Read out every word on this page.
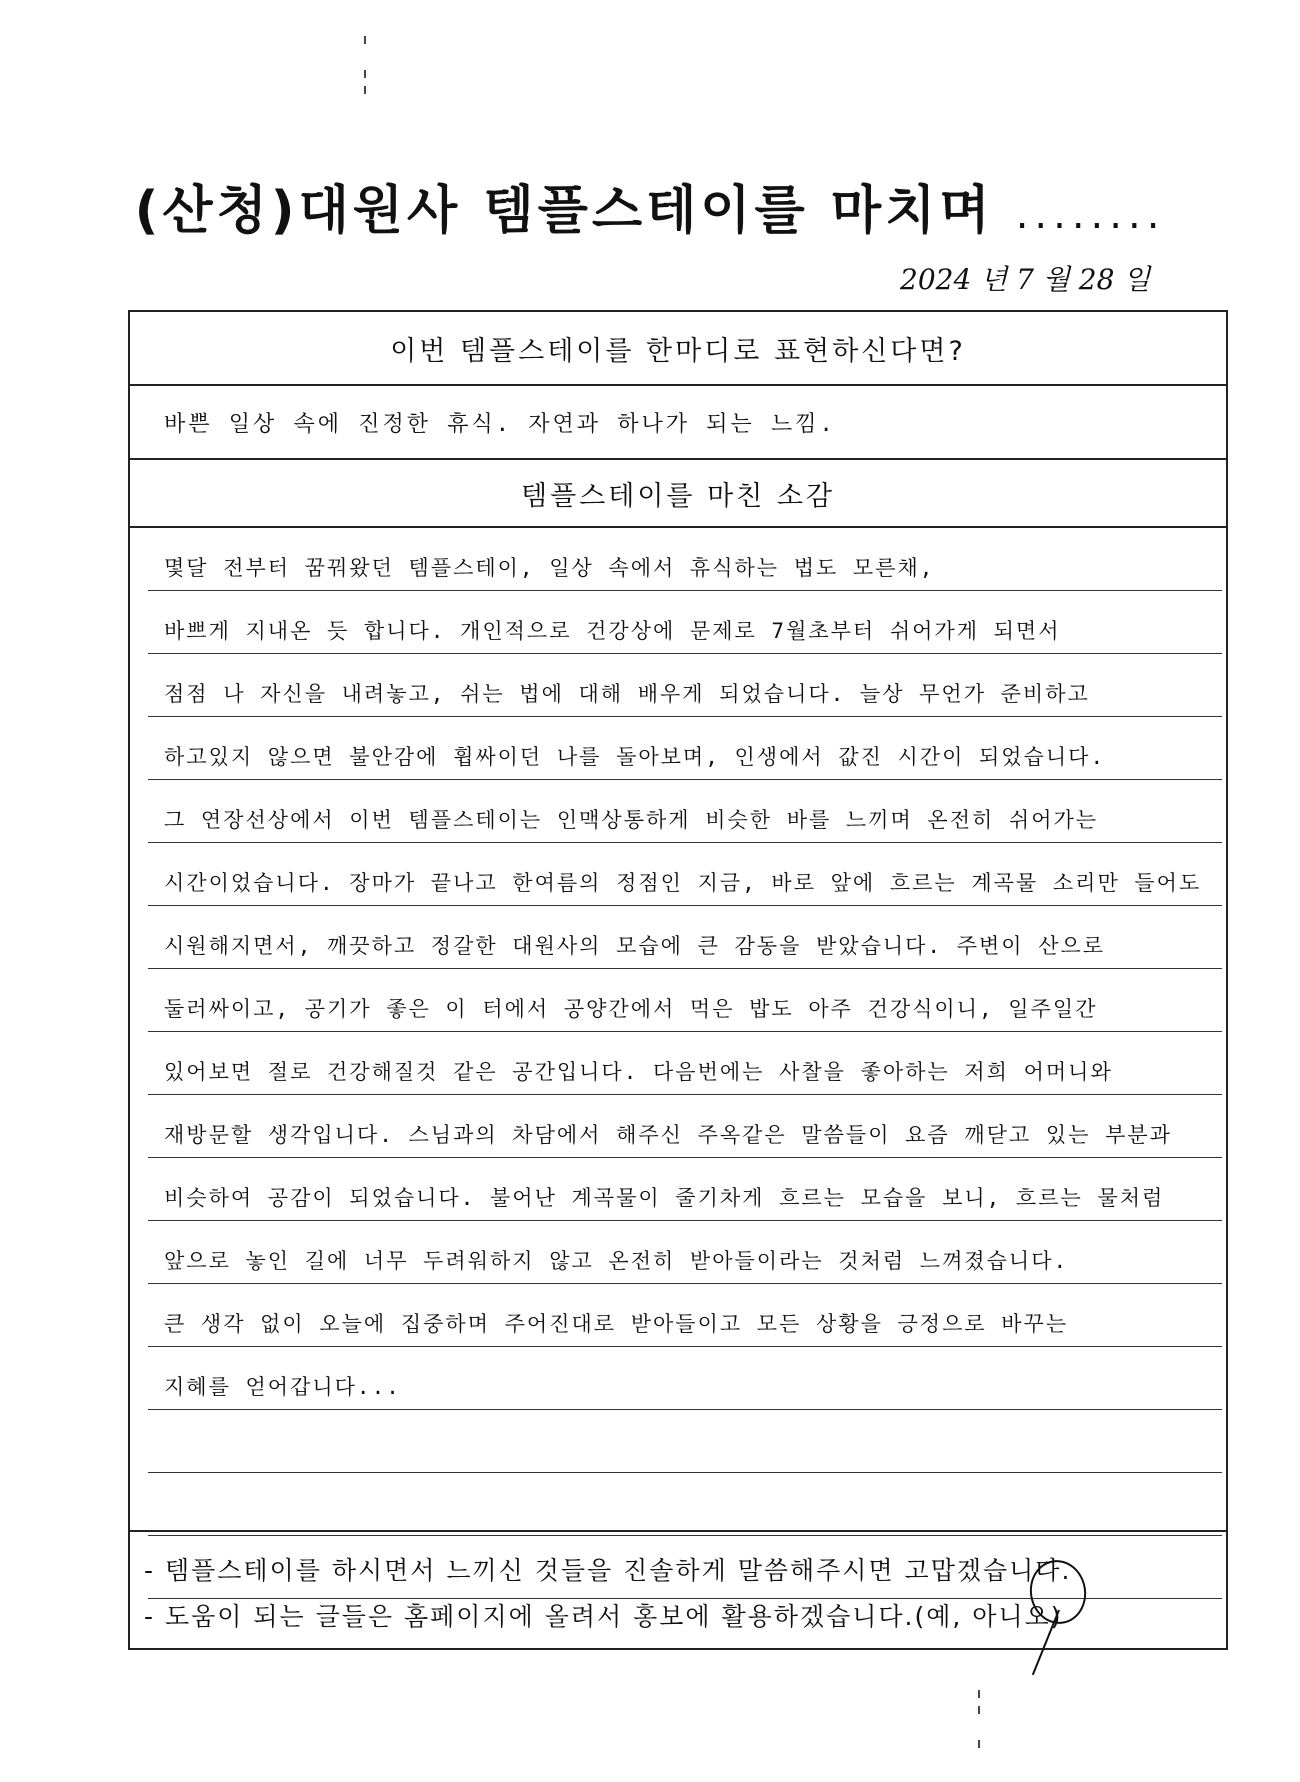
(산청)대원사 템플스테이를 마치며 ........
2024 년 7 월 28 일
이번 템플스테이를 한마디로 표현하신다면?
바쁜 일상 속에 진정한 휴식. 자연과 하나가 되는 느낌.
템플스테이를 마친 소감
몇달 전부터 꿈꿔왔던 템플스테이, 일상 속에서 휴식하는 법도 모른채,
바쁘게 지내온 듯 합니다. 개인적으로 건강상에 문제로 7월초부터 쉬어가게 되면서
점점 나 자신을 내려놓고, 쉬는 법에 대해 배우게 되었습니다. 늘상 무언가 준비하고
하고있지 않으면 불안감에 휩싸이던 나를 돌아보며, 인생에서 값진 시간이 되었습니다.
그 연장선상에서 이번 템플스테이는 인맥상통하게 비슷한 바를 느끼며 온전히 쉬어가는
시간이었습니다. 장마가 끝나고 한여름의 정점인 지금, 바로 앞에 흐르는 계곡물 소리만 들어도
시원해지면서, 깨끗하고 정갈한 대원사의 모습에 큰 감동을 받았습니다. 주변이 산으로
둘러싸이고, 공기가 좋은 이 터에서 공양간에서 먹은 밥도 아주 건강식이니, 일주일간
있어보면 절로 건강해질것 같은 공간입니다. 다음번에는 사찰을 좋아하는 저희 어머니와
재방문할 생각입니다. 스님과의 차담에서 해주신 주옥같은 말씀들이 요즘 깨닫고 있는 부분과
비슷하여 공감이 되었습니다. 불어난 계곡물이 줄기차게 흐르는 모습을 보니, 흐르는 물처럼
앞으로 놓인 길에 너무 두려워하지 않고 온전히 받아들이라는 것처럼 느껴졌습니다.
큰 생각 없이 오늘에 집중하며 주어진대로 받아들이고 모든 상황을 긍정으로 바꾸는
지혜를 얻어갑니다...
- 템플스테이를 하시면서 느끼신 것들을 진솔하게 말씀해주시면 고맙겠습니다.
- 도움이 되는 글들은 홈페이지에 올려서 홍보에 활용하겠습니다.(예, 아니오)
